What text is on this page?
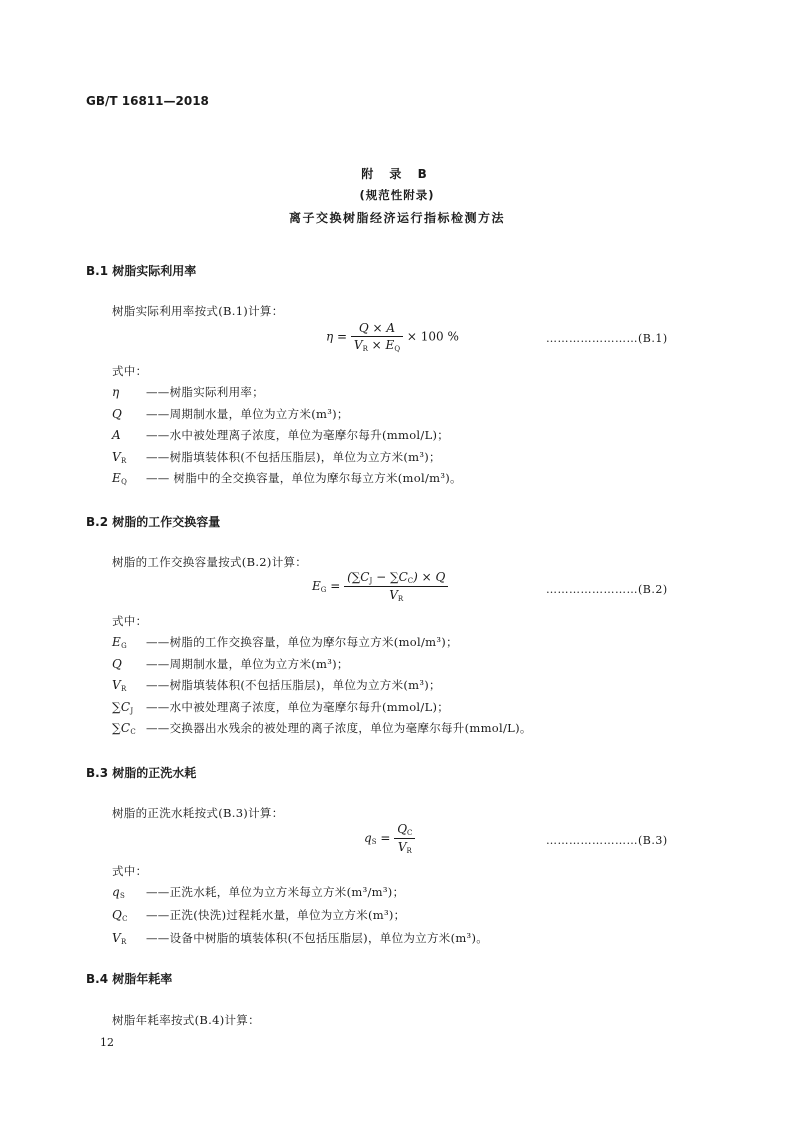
GB/T 16811—2018
附 录 B
(规范性附录)
离子交换树脂经济运行指标检测方法
B.1 树脂实际利用率
树脂实际利用率按式(B.1)计算：
$\eta = \frac{Q \times A}{V_R \times E_Q} \times 100$ %	……………………(B.1)
式中：
η ——树脂实际利用率；
Q ——周期制水量，单位为立方米(m³)；
A ——水中被处理离子浓度，单位为毫摩尔每升(mmol/L)；
$V_R$ ——树脂填装体积(不包括压脂层)，单位为立方米(m³)；
$E_Q$ —— 树脂中的全交换容量，单位为摩尔每立方米(mol/m³)。
B.2 树脂的工作交换容量
树脂的工作交换容量按式(B.2)计算：
$E_G = \frac{(\sum C_J - \sum C_C) \times Q}{V_R}$	……………………(B.2)
式中：
$E_G$ ——树脂的工作交换容量，单位为摩尔每立方米(mol/m³)；
Q ——周期制水量，单位为立方米(m³)；
$V_R$ ——树脂填装体积(不包括压脂层)，单位为立方米(m³)；
$\sum C_J$ ——水中被处理离子浓度，单位为毫摩尔每升(mmol/L)；
$\sum C_C$ ——交换器出水残余的被处理的离子浓度，单位为毫摩尔每升(mmol/L)。
B.3 树脂的正洗水耗
树脂的正洗水耗按式(B.3)计算：
$q_S = \frac{Q_C}{V_R}$	……………………(B.3)
式中：
$q_S$ ——正洗水耗，单位为立方米每立方米(m³/m³)；
$Q_C$ ——正洗(快洗)过程耗水量，单位为立方米(m³)；
$V_R$ ——设备中树脂的填装体积(不包括压脂层)，单位为立方米(m³)。
B.4 树脂年耗率
树脂年耗率按式(B.4)计算：
12
